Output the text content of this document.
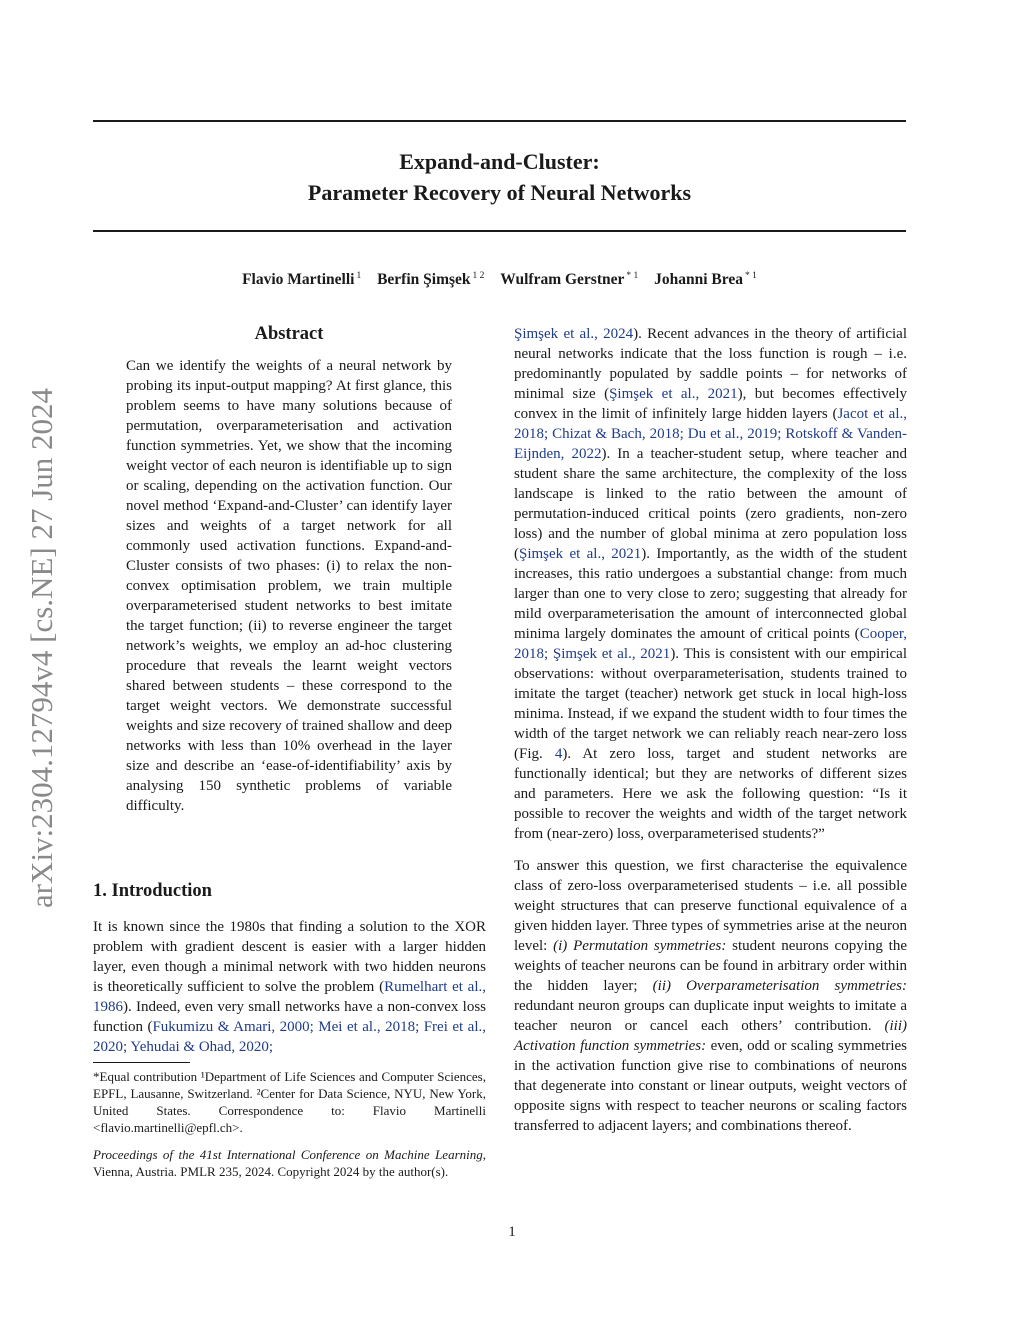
arXiv:2304.12794v4 [cs.NE] 27 Jun 2024
Expand-and-Cluster:
Parameter Recovery of Neural Networks
Flavio Martinelli $^1$ Berfin Şimşek $^{1 2}$ Wulfram Gerstner $^{* 1}$ Johanni Brea $^{* 1}$
Abstract

Can we identify the weights of a neural network by probing its input-output mapping? At first glance, this problem seems to have many solutions because of permutation, overparameterisation and activation function symmetries. Yet, we show that the incoming weight vector of each neuron is identifiable up to sign or scaling, depending on the activation function. Our novel method ‘Expand-and-Cluster’ can identify layer sizes and weights of a target network for all commonly used activation functions. Expand-and-Cluster consists of two phases: (i) to relax the non-convex optimisation problem, we train multiple overparameterised student networks to best imitate the target function; (ii) to reverse engineer the target network’s weights, we employ an ad-hoc clustering procedure that reveals the learnt weight vectors shared between students – these correspond to the target weight vectors. We demonstrate successful weights and size recovery of trained shallow and deep networks with less than 10% overhead in the layer size and describe an ‘ease-of-identifiability’ axis by analysing 150 synthetic problems of variable difficulty.

1. Introduction

It is known since the 1980s that finding a solution to the XOR problem with gradient descent is easier with a larger hidden layer, even though a minimal network with two hidden neurons is theoretically sufficient to solve the problem (Rumelhart et al., 1986). Indeed, even very small networks have a non-convex loss function (Fukumizu & Amari, 2000; Mei et al., 2018; Frei et al., 2020; Yehudai & Ohad, 2020;

*Equal contribution ¹Department of Life Sciences and Computer Sciences, EPFL, Lausanne, Switzerland. ²Center for Data Science, NYU, New York, United States. Correspondence to: Flavio Martinelli <flavio.martinelli@epfl.ch>.

Proceedings of the 41st International Conference on Machine Learning, Vienna, Austria. PMLR 235, 2024. Copyright 2024 by the author(s).

Şimşek et al., 2024). Recent advances in the theory of artificial neural networks indicate that the loss function is rough – i.e. predominantly populated by saddle points – for networks of minimal size (Şimşek et al., 2021), but becomes effectively convex in the limit of infinitely large hidden layers (Jacot et al., 2018; Chizat & Bach, 2018; Du et al., 2019; Rotskoff & Vanden-Eijnden, 2022). In a teacher-student setup, where teacher and student share the same architecture, the complexity of the loss landscape is linked to the ratio between the amount of permutation-induced critical points (zero gradients, non-zero loss) and the number of global minima at zero population loss (Şimşek et al., 2021). Importantly, as the width of the student increases, this ratio undergoes a substantial change: from much larger than one to very close to zero; suggesting that already for mild overparameterisation the amount of interconnected global minima largely dominates the amount of critical points (Cooper, 2018; Şimşek et al., 2021). This is consistent with our empirical observations: without overparameterisation, students trained to imitate the target (teacher) network get stuck in local high-loss minima. Instead, if we expand the student width to four times the width of the target network we can reliably reach near-zero loss (Fig. 4). At zero loss, target and student networks are functionally identical; but they are networks of different sizes and parameters. Here we ask the following question: “Is it possible to recover the weights and width of the target network from (near-zero) loss, overparameterised students?”

To answer this question, we first characterise the equivalence class of zero-loss overparameterised students – i.e. all possible weight structures that can preserve functional equivalence of a given hidden layer. Three types of symmetries arise at the neuron level: (i) Permutation symmetries: student neurons copying the weights of teacher neurons can be found in arbitrary order within the hidden layer; (ii) Overparameterisation symmetries: redundant neuron groups can duplicate input weights to imitate a teacher neuron or cancel each others’ contribution. (iii) Activation function symmetries: even, odd or scaling symmetries in the activation function give rise to combinations of neurons that degenerate into constant or linear outputs, weight vectors of opposite signs with respect to teacher neurons or scaling factors transferred to adjacent layers; and combinations thereof.

1
